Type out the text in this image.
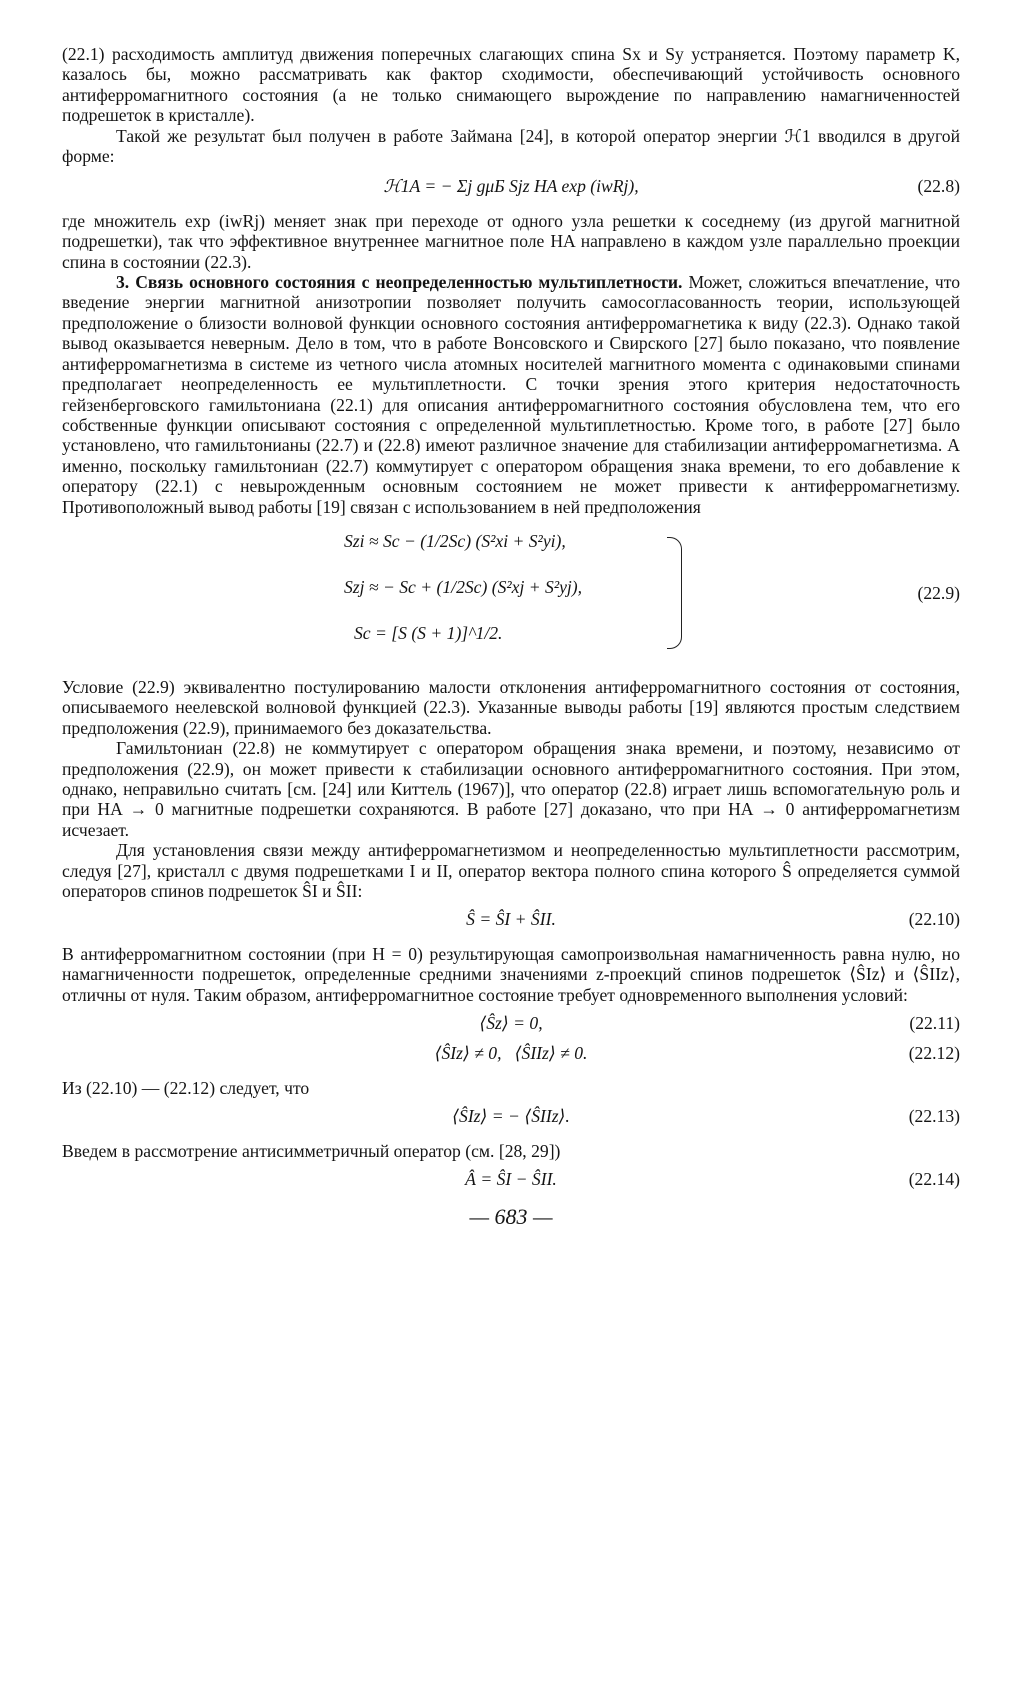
(22.1) расходимость амплитуд движения поперечных слагающих спина Sx и Sy устраняется. Поэтому параметр K, казалось бы, можно рассматривать как фактор сходимости, обеспечивающий устойчивость основного антиферромагнитного состояния (а не только снимающего вырождение по направлению намагниченностей подрешеток в кристалле).

Такой же результат был получен в работе Займана [24], в которой оператор энергии ℋ1 вводился в другой форме:

ℋ1A = − Σj gμБ Sjz HA exp (iwRj),	(22.8)

где множитель exp (iwRj) меняет знак при переходе от одного узла решетки к соседнему (из другой магнитной подрешетки), так что эффективное внутреннее магнитное поле HA направлено в каждом узле параллельно проекции спина в состоянии (22.3).

3. Связь основного состояния с неопределенностью мультиплетности. Может, сложиться впечатление, что введение энергии магнитной анизотропии позволяет получить самосогласованность теории, использующей предположение о близости волновой функции основного состояния антиферромагнетика к виду (22.3). Однако такой вывод оказывается неверным. Дело в том, что в работе Вонсовского и Свирского [27] было показано, что появление антиферромагнетизма в системе из четного числа атомных носителей магнитного момента с одинаковыми спинами предполагает неопределенность ее мультиплетности. С точки зрения этого критерия недостаточность гейзенберговского гамильтониана (22.1) для описания антиферромагнитного состояния обусловлена тем, что его собственные функции описывают состояния с определенной мультиплетностью. Кроме того, в работе [27] было установлено, что гамильтонианы (22.7) и (22.8) имеют различное значение для стабилизации антиферромагнетизма. А именно, поскольку гамильтониан (22.7) коммутирует с оператором обращения знака времени, то его добавление к оператору (22.1) с невырожденным основным состоянием не может привести к антиферромагнетизму. Противоположный вывод работы [19] связан с использованием в ней предположения

Szi ≈ Sc − (1/2Sc) (S²xi + S²yi),
Szj ≈ − Sc + (1/2Sc) (S²xj + S²yj),
Sc = [S (S + 1)]^1/2.
(22.9)

Условие (22.9) эквивалентно постулированию малости отклонения антиферромагнитного состояния от состояния, описываемого неелевской волновой функцией (22.3). Указанные выводы работы [19] являются простым следствием предположения (22.9), принимаемого без доказательства.

Гамильтониан (22.8) не коммутирует с оператором обращения знака времени, и поэтому, независимо от предположения (22.9), он может привести к стабилизации основного антиферромагнитного состояния. При этом, однако, неправильно считать [см. [24] или Киттель (1967)], что оператор (22.8) играет лишь вспомогательную роль и при HA → 0 магнитные подрешетки сохраняются. В работе [27] доказано, что при HA → 0 антиферромагнетизм исчезает.

Для установления связи между антиферромагнетизмом и неопределенностью мультиплетности рассмотрим, следуя [27], кристалл с двумя подрешетками I и II, оператор вектора полного спина которого Ŝ определяется суммой операторов спинов подрешеток ŜI и ŜII:

Ŝ = ŜI + ŜII.	(22.10)

В антиферромагнитном состоянии (при H = 0) результирующая самопроизвольная намагниченность равна нулю, но намагниченности подрешеток, определенные средними значениями z-проекций спинов подрешеток ⟨ŜIz⟩ и ⟨ŜIIz⟩, отличны от нуля. Таким образом, антиферромагнитное состояние требует одновременного выполнения условий:

⟨Ŝz⟩ = 0,	(22.11)
⟨ŜIz⟩ ≠ 0,   ⟨ŜIIz⟩ ≠ 0.	(22.12)

Из (22.10) — (22.12) следует, что

⟨ŜIz⟩ = − ⟨ŜIIz⟩.	(22.13)

Введем в рассмотрение антисимметричный оператор (см. [28, 29])

Â = ŜI − ŜII.	(22.14)
— 683 —
